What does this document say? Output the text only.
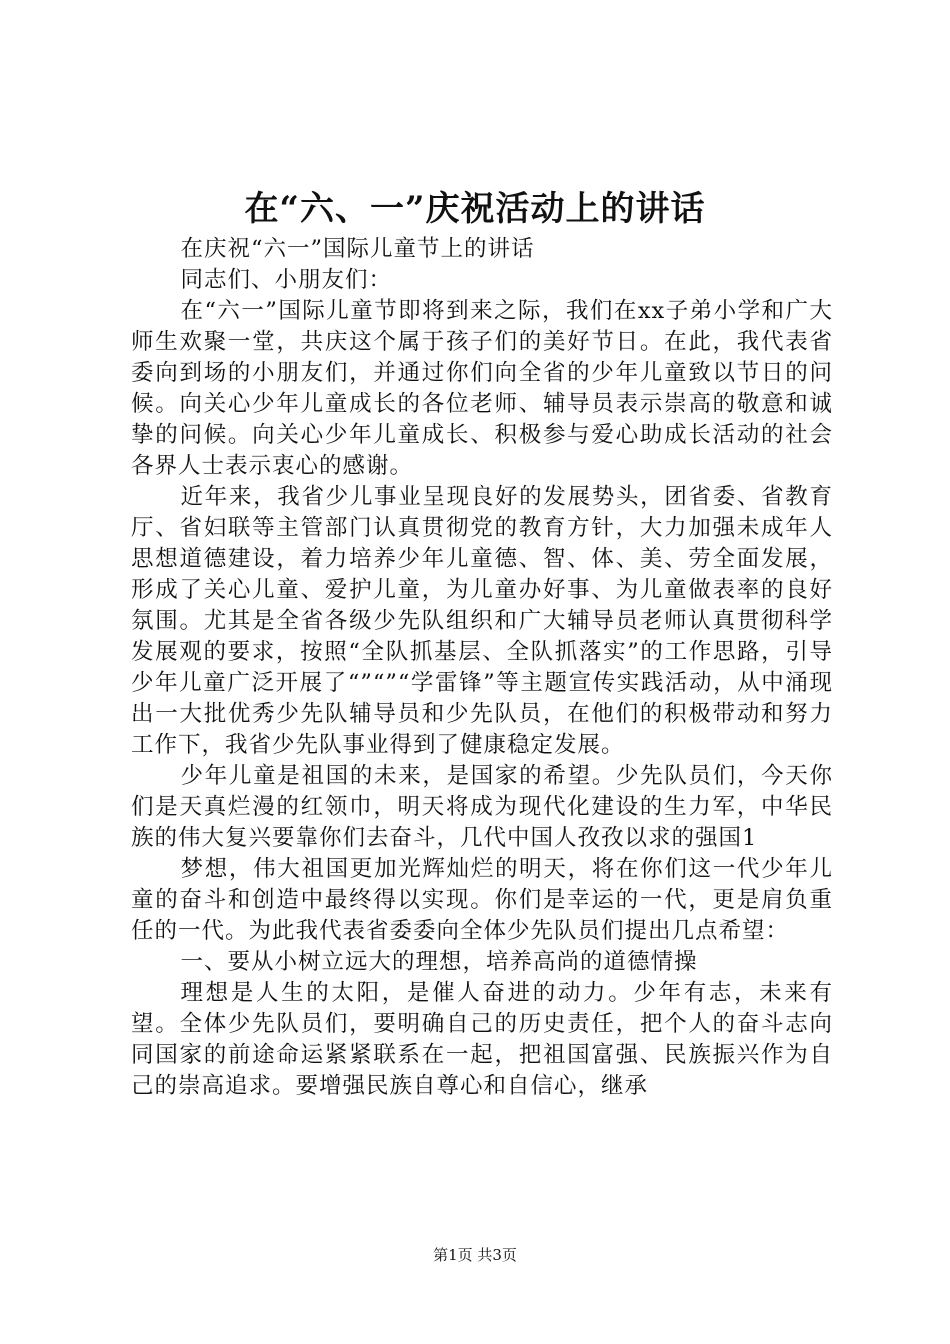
在“六、一”庆祝活动上的讲话

在庆祝“六一”国际儿童节上的讲话

同志们、小朋友们：

在“六一”国际儿童节即将到来之际，我们在xx子弟小学和广大师生欢聚一堂，共庆这个属于孩子们的美好节日。在此，我代表省委向到场的小朋友们，并通过你们向全省的少年儿童致以节日的问候。向关心少年儿童成长的各位老师、辅导员表示崇高的敬意和诚挚的问候。向关心少年儿童成长、积极参与爱心助成长活动的社会各界人士表示衷心的感谢。

近年来，我省少儿事业呈现良好的发展势头，团省委、省教育厅、省妇联等主管部门认真贯彻党的教育方针，大力加强未成年人思想道德建设，着力培养少年儿童德、智、体、美、劳全面发展，形成了关心儿童、爱护儿童，为儿童办好事、为儿童做表率的良好氛围。尤其是全省各级少先队组织和广大辅导员老师认真贯彻科学发展观的要求，按照“全队抓基层、全队抓落实”的工作思路，引导少年儿童广泛开展了“”“”“学雷锋”等主题宣传实践活动，从中涌现出一大批优秀少先队辅导员和少先队员，在他们的积极带动和努力工作下，我省少先队事业得到了健康稳定发展。

少年儿童是祖国的未来，是国家的希望。少先队员们，今天你们是天真烂漫的红领巾，明天将成为现代化建设的生力军，中华民族的伟大复兴要靠你们去奋斗，几代中国人孜孜以求的强国1

梦想，伟大祖国更加光辉灿烂的明天，将在你们这一代少年儿童的奋斗和创造中最终得以实现。你们是幸运的一代，更是肩负重任的一代。为此我代表省委委向全体少先队员们提出几点希望：

一、要从小树立远大的理想，培养高尚的道德情操

理想是人生的太阳，是催人奋进的动力。少年有志，未来有望。全体少先队员们，要明确自己的历史责任，把个人的奋斗志向同国家的前途命运紧紧联系在一起，把祖国富强、民族振兴作为自己的崇高追求。要增强民族自尊心和自信心，继承

第1页 共3页
